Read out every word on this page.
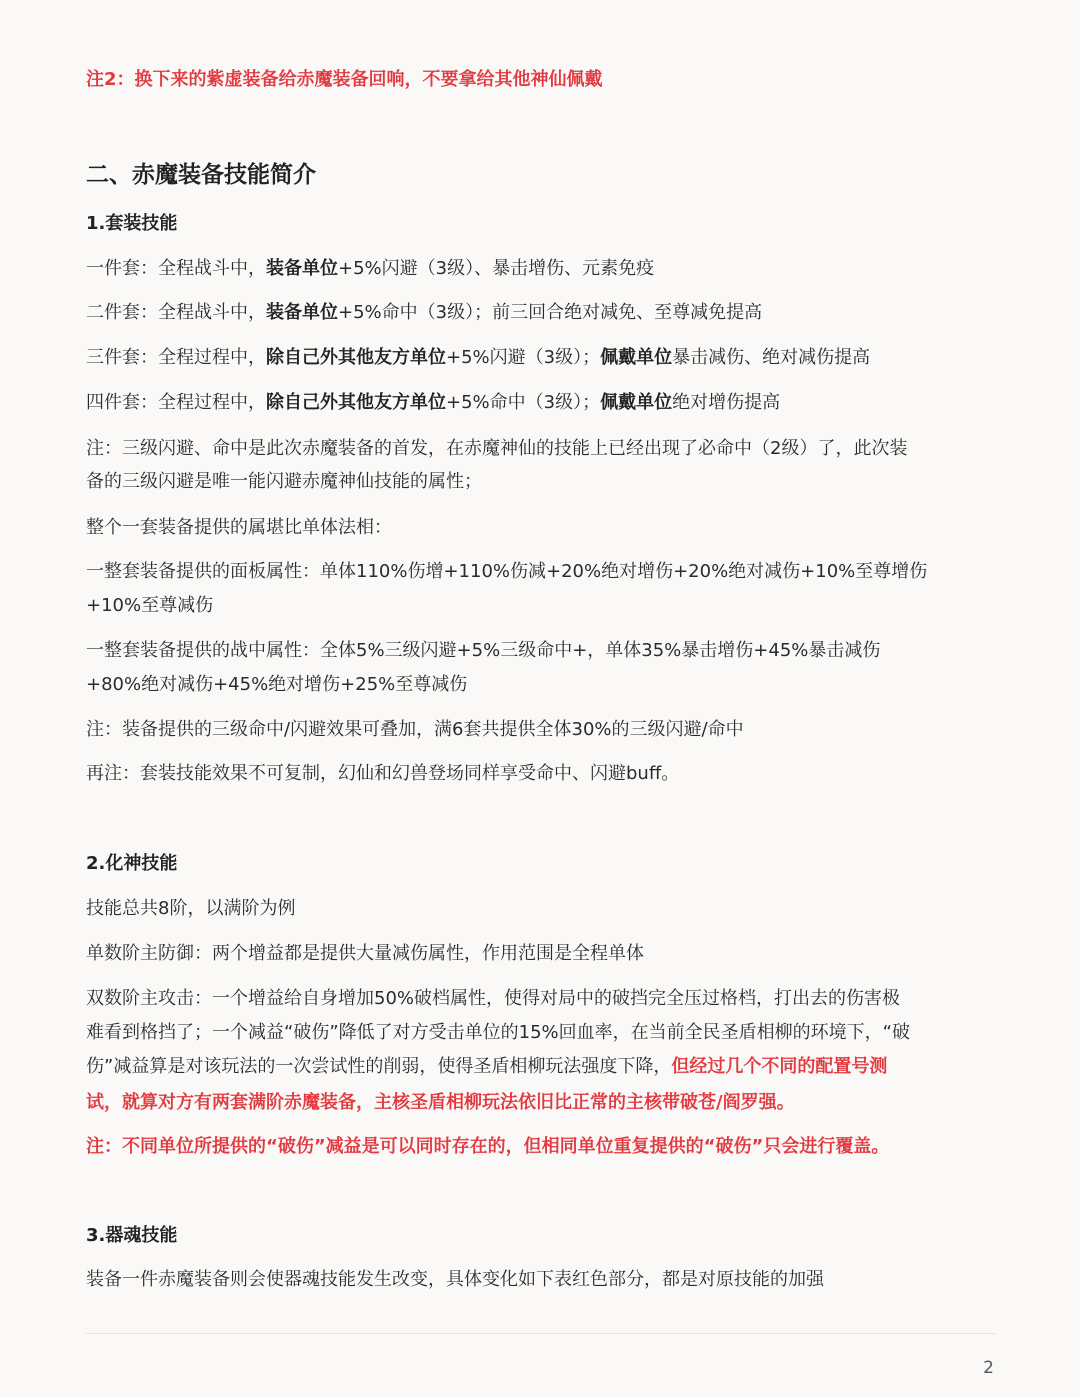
注2：换下来的紫虚装备给赤魔装备回响，不要拿给其他神仙佩戴

二、赤魔装备技能简介

1.套装技能

一件套：全程战斗中，装备单位+5%闪避（3级）、暴击增伤、元素免疫

二件套：全程战斗中，装备单位+5%命中（3级）；前三回合绝对减免、至尊减免提高

三件套：全程过程中，除自己外其他友方单位+5%闪避（3级）；佩戴单位暴击减伤、绝对减伤提高

四件套：全程过程中，除自己外其他友方单位+5%命中（3级）；佩戴单位绝对增伤提高

注：三级闪避、命中是此次赤魔装备的首发，在赤魔神仙的技能上已经出现了必命中（2级）了，此次装

备的三级闪避是唯一能闪避赤魔神仙技能的属性；

整个一套装备提供的属堪比单体法相：

一整套装备提供的面板属性：单体110%伤增+110%伤减+20%绝对增伤+20%绝对减伤+10%至尊增伤

+10%至尊减伤

一整套装备提供的战中属性：全体5%三级闪避+5%三级命中+，单体35%暴击增伤+45%暴击减伤

+80%绝对减伤+45%绝对增伤+25%至尊减伤

注：装备提供的三级命中/闪避效果可叠加，满6套共提供全体30%的三级闪避/命中

再注：套装技能效果不可复制，幻仙和幻兽登场同样享受命中、闪避buff。

2.化神技能

技能总共8阶，以满阶为例

单数阶主防御：两个增益都是提供大量减伤属性，作用范围是全程单体

双数阶主攻击：一个增益给自身增加50%破档属性，使得对局中的破挡完全压过格档，打出去的伤害极

难看到格挡了；一个减益“破伤”降低了对方受击单位的15%回血率，在当前全民圣盾相柳的环境下，“破

伤”减益算是对该玩法的一次尝试性的削弱，使得圣盾相柳玩法强度下降，但经过几个不同的配置号测

试，就算对方有两套满阶赤魔装备，主核圣盾相柳玩法依旧比正常的主核带破苍/阎罗强。

注：不同单位所提供的“破伤”减益是可以同时存在的，但相同单位重复提供的“破伤”只会进行覆盖。

3.器魂技能

装备一件赤魔装备则会使器魂技能发生改变，具体变化如下表红色部分，都是对原技能的加强

2
